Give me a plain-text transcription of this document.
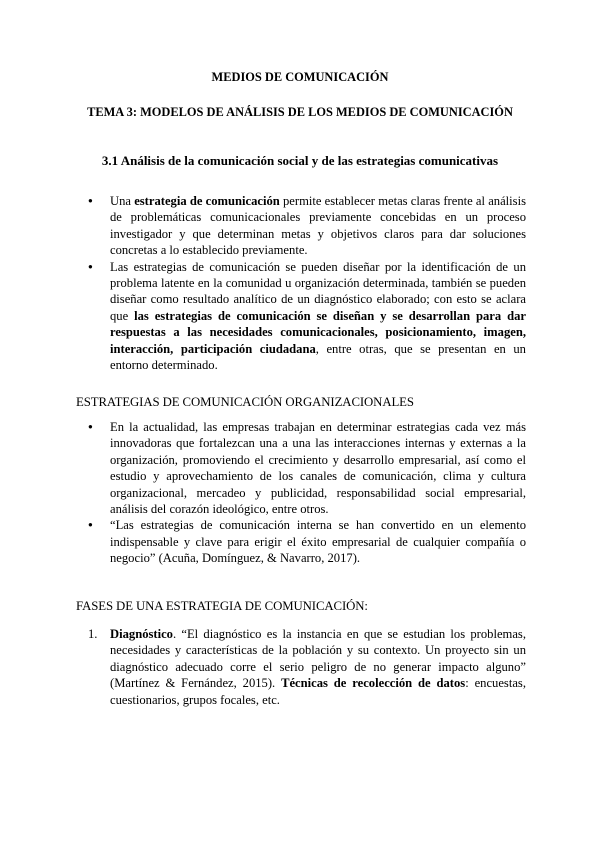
MEDIOS DE COMUNICACIÓN
TEMA 3: MODELOS DE ANÁLISIS DE LOS MEDIOS DE COMUNICACIÓN
3.1 Análisis de la comunicación social y de las estrategias comunicativas
● Una estrategia de comunicación permite establecer metas claras frente al análisis de problemáticas comunicacionales previamente concebidas en un proceso investigador y que determinan metas y objetivos claros para dar soluciones concretas a lo establecido previamente.
● Las estrategias de comunicación se pueden diseñar por la identificación de un problema latente en la comunidad u organización determinada, también se pueden diseñar como resultado analítico de un diagnóstico elaborado; con esto se aclara que las estrategias de comunicación se diseñan y se desarrollan para dar respuestas a las necesidades comunicacionales, posicionamiento, imagen, interacción, participación ciudadana, entre otras, que se presentan en un entorno determinado.
ESTRATEGIAS DE COMUNICACIÓN ORGANIZACIONALES
● En la actualidad, las empresas trabajan en determinar estrategias cada vez más innovadoras que fortalezcan una a una las interacciones internas y externas a la organización, promoviendo el crecimiento y desarrollo empresarial, así como el estudio y aprovechamiento de los canales de comunicación, clima y cultura organizacional, mercadeo y publicidad, responsabilidad social empresarial, análisis del corazón ideológico, entre otros.
● “Las estrategias de comunicación interna se han convertido en un elemento indispensable y clave para erigir el éxito empresarial de cualquier compañía o negocio” (Acuña, Domínguez, & Navarro, 2017).
FASES DE UNA ESTRATEGIA DE COMUNICACIÓN:
1. Diagnóstico. “El diagnóstico es la instancia en que se estudian los problemas, necesidades y características de la población y su contexto. Un proyecto sin un diagnóstico adecuado corre el serio peligro de no generar impacto alguno” (Martínez & Fernández, 2015). Técnicas de recolección de datos: encuestas, cuestionarios, grupos focales, etc.
